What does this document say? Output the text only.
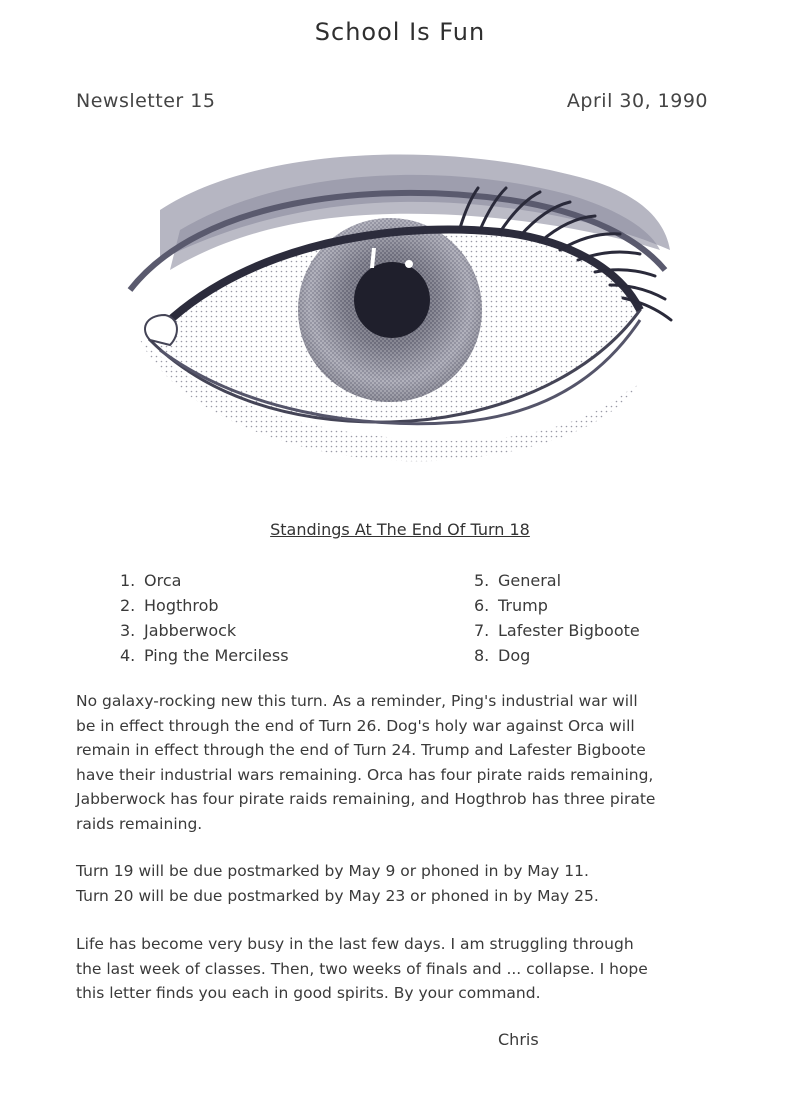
School Is Fun
Newsletter 15	April 30, 1990
Standings At The End Of Turn 18
1. Orca
2. Hogthrob
3. Jabberwock
4. Ping the Merciless
5. General
6. Trump
7. Lafester Bigboote
8. Dog

No galaxy-rocking new this turn. As a reminder, Ping's industrial war will
be in effect through the end of Turn 26. Dog's holy war against Orca will
remain in effect through the end of Turn 24. Trump and Lafester Bigboote
have their industrial wars remaining. Orca has four pirate raids remaining,
Jabberwock has four pirate raids remaining, and Hogthrob has three pirate
raids remaining.

Turn 19 will be due postmarked by May 9 or phoned in by May 11.
Turn 20 will be due postmarked by May 23 or phoned in by May 25.

Life has become very busy in the last few days. I am struggling through
the last week of classes. Then, two weeks of finals and ... collapse. I hope
this letter finds you each in good spirits. By your command.

Chris
